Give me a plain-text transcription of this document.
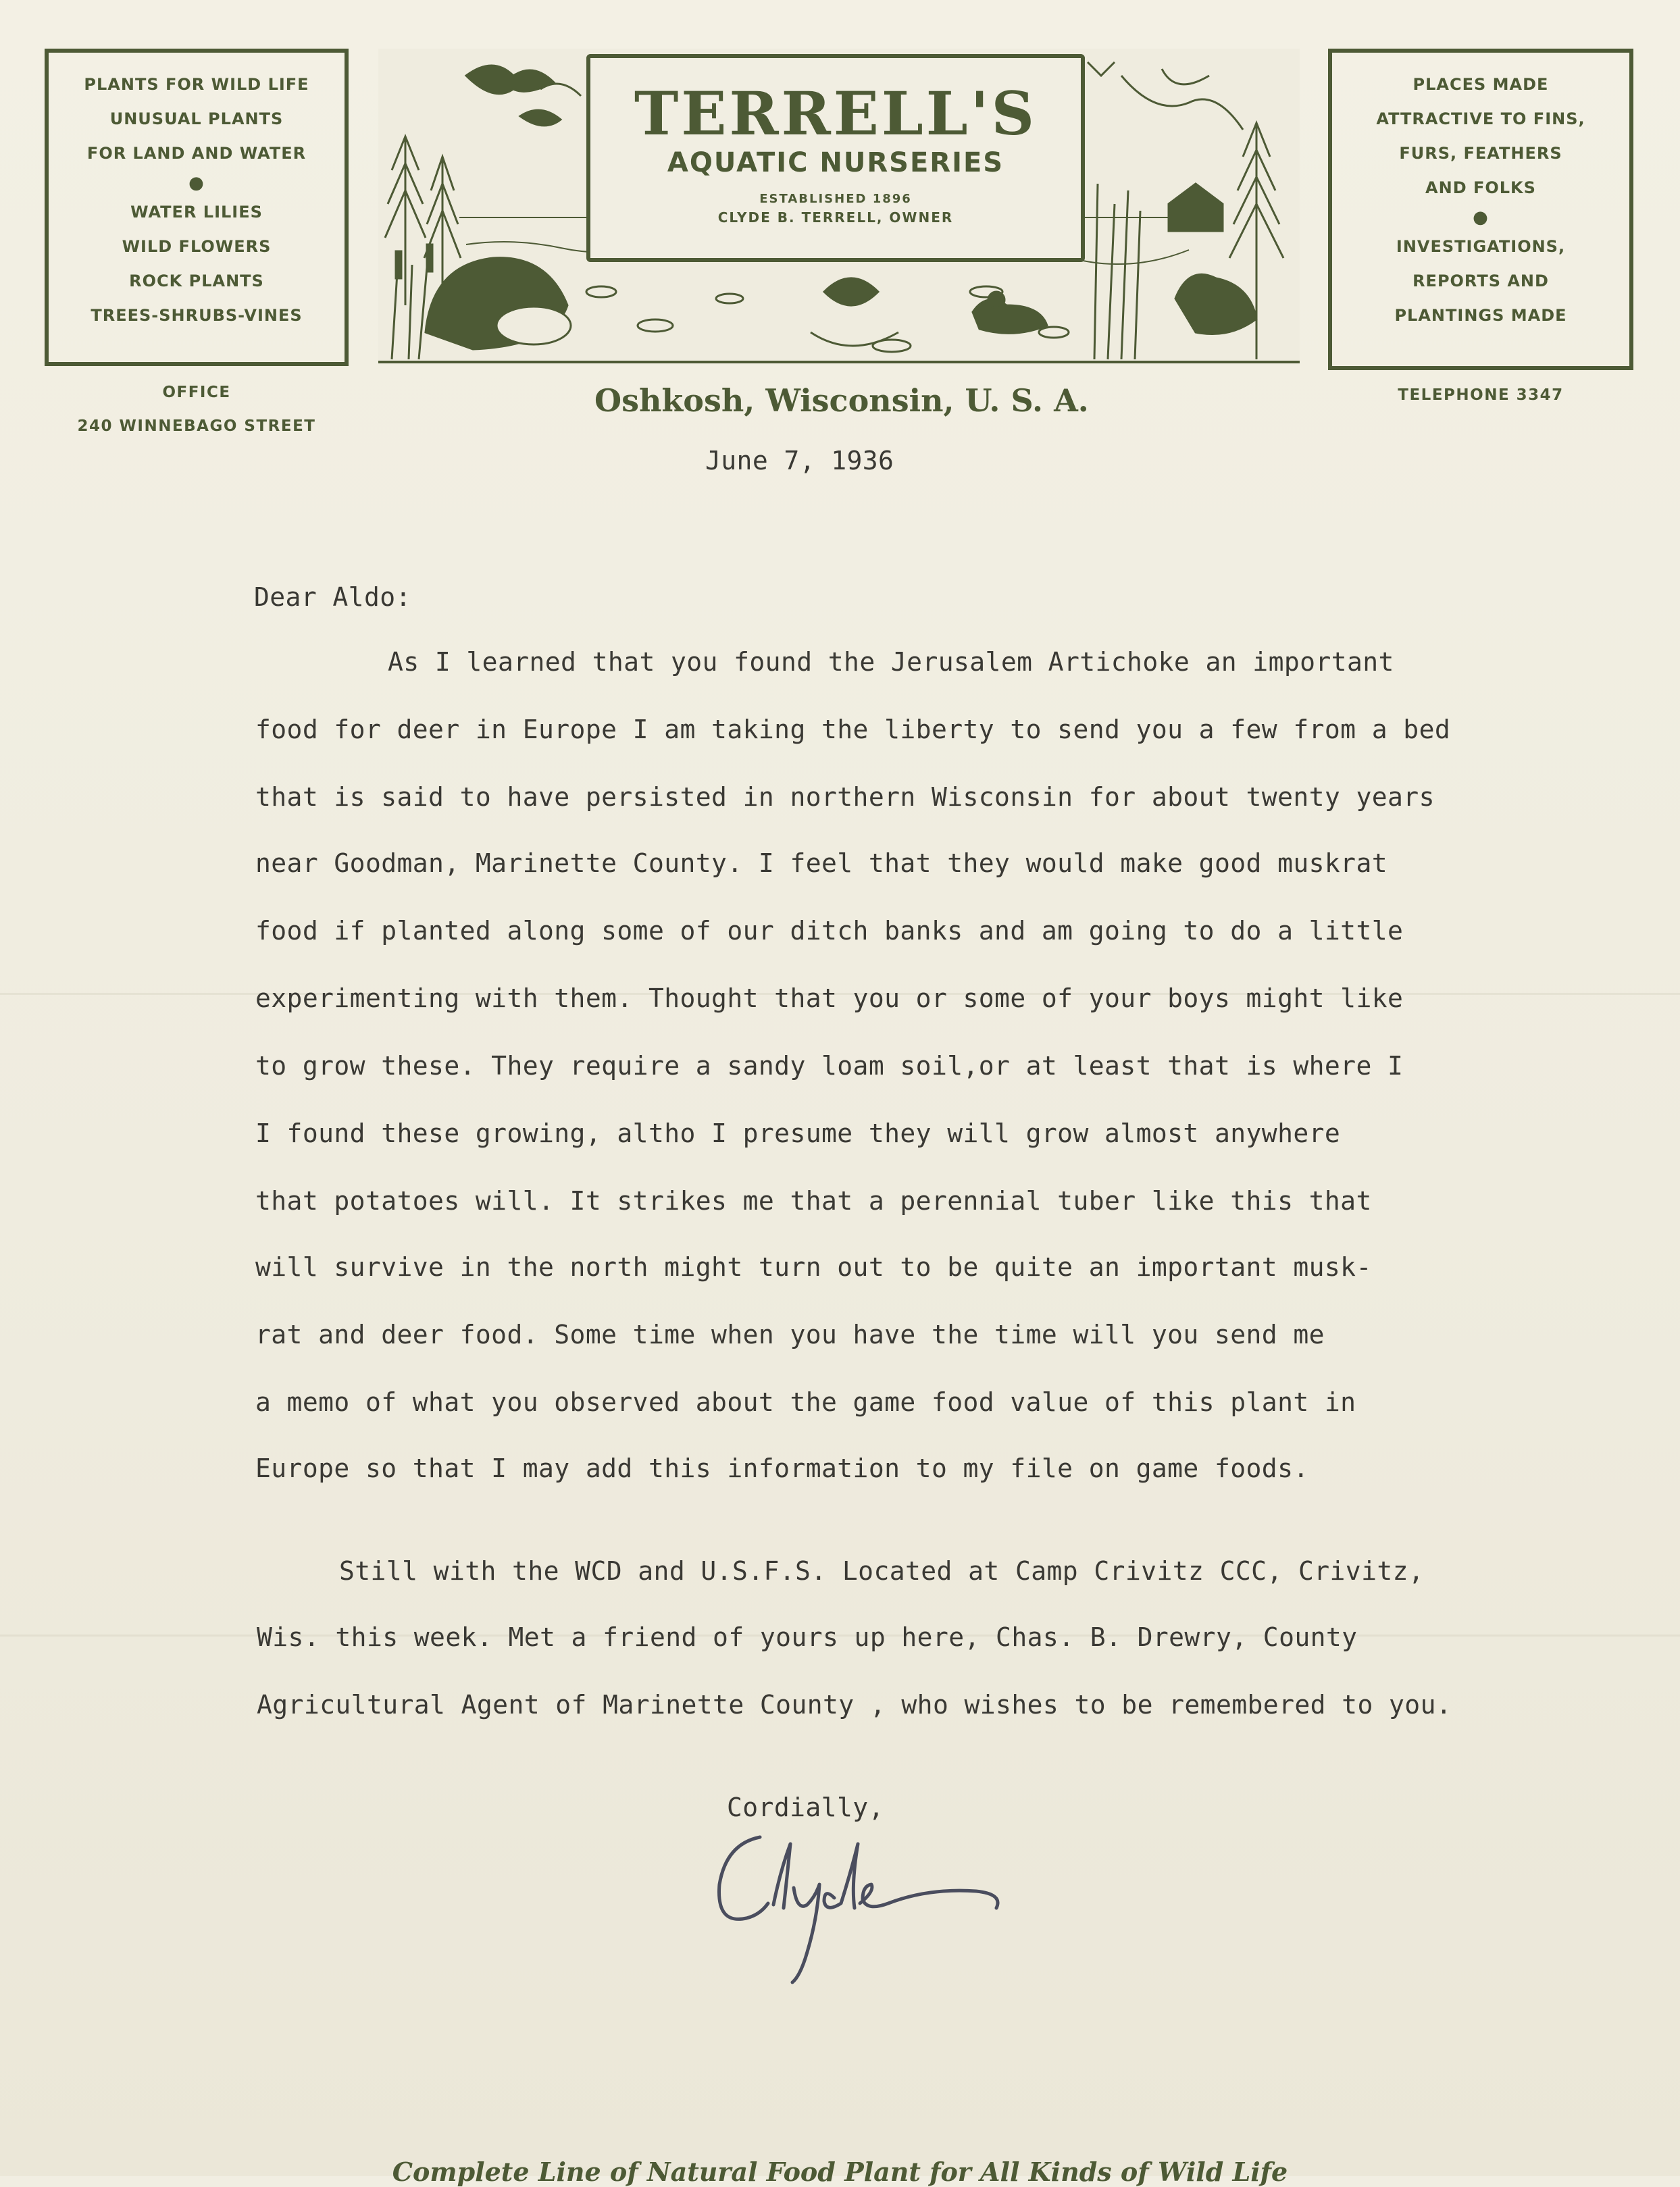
PLANTS FOR WILD LIFE
UNUSUAL PLANTS
FOR LAND AND WATER
●
WATER LILIES
WILD FLOWERS
ROCK PLANTS
TREES-SHRUBS-VINES
PLACES MADE
ATTRACTIVE TO FINS,
FURS, FEATHERS
AND FOLKS
●
INVESTIGATIONS,
REPORTS AND
PLANTINGS MADE
TERRELL'S
AQUATIC NURSERIES
ESTABLISHED 1896
CLYDE B. TERRELL, OWNER
OFFICE
240 WINNEBAGO STREET
TELEPHONE 3347
Oshkosh, Wisconsin, U. S. A.
June 7, 1936
Dear Aldo:
As I learned that you found the Jerusalem Artichoke an important
food for deer in Europe I am taking the liberty to send you a few from a bed
that is said to have persisted in northern Wisconsin for about twenty years
near Goodman, Marinette County. I feel that they would make good muskrat
food if planted along some of our ditch banks and am going to do a little
experimenting with them. Thought that you or some of your boys might like
to grow these. They require a sandy loam soil,or at least that is where I
I found these growing, altho I presume they will grow almost anywhere
that potatoes will. It strikes me that a perennial tuber like this that
will survive in the north might turn out to be quite an important musk-
rat and deer food. Some time when you have the time will you send me
a memo of what you observed about the game food value of this plant in
Europe so that I may add this information to my file on game foods.
Still with the WCD and U.S.F.S. Located at Camp Crivitz CCC, Crivitz,
Wis. this week. Met a friend of yours up here, Chas. B. Drewry, County
Agricultural Agent of Marinette County , who wishes to be remembered to you.
Cordially,
Complete Line of Natural Food Plant for All Kinds of Wild Life
